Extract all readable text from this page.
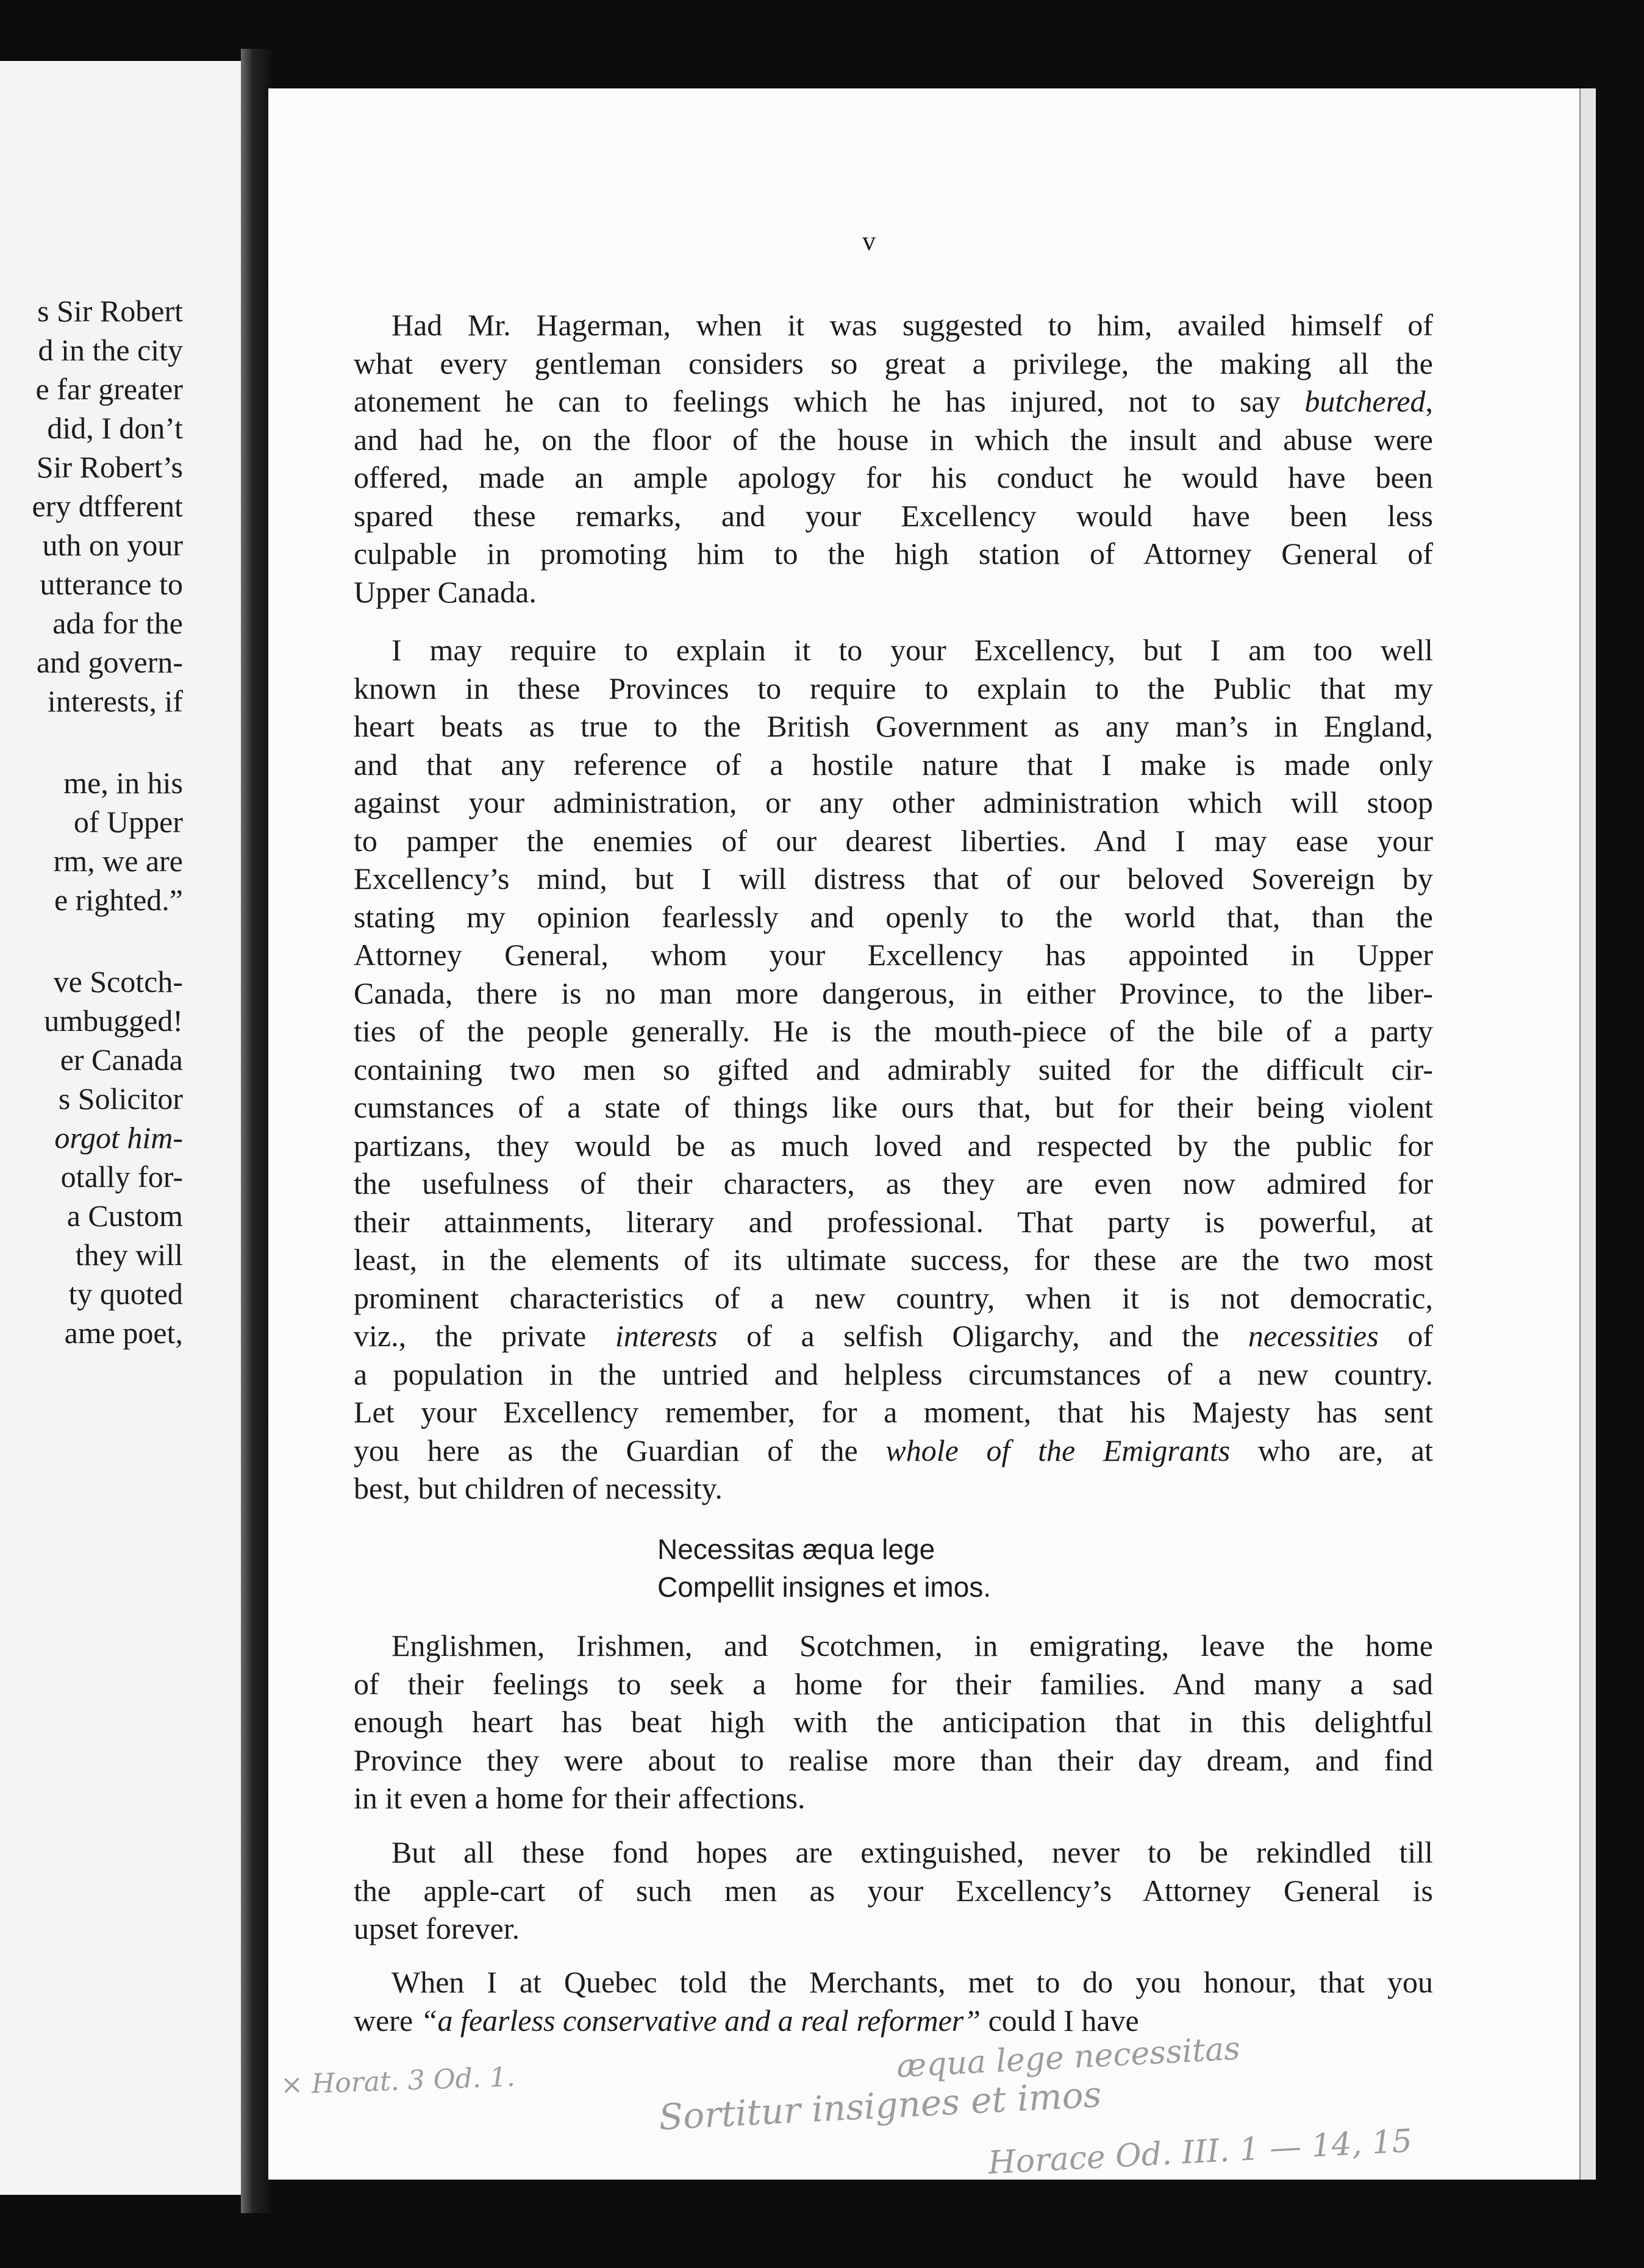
s Sir Robert
d in the city
e far greater
did, I don’t
Sir Robert’s
ery dtfferent
uth on your
utterance to
ada for the
and govern-
interests, if
me, in his
of Upper
rm, we are
e righted.”
ve Scotch-
umbugged!
er Canada
s Solicitor
orgot him-
otally for-
a Custom
they will
ty quoted
ame poet,
v
Had Mr. Hagerman, when it was suggested to him, availed himself of
what every gentleman considers so great a privilege, the making all the
atonement he can to feelings which he has injured, not to say butchered,
and had he, on the floor of the house in which the insult and abuse were
offered, made an ample apology for his conduct he would have been
spared these remarks, and your Excellency would have been less
culpable in promoting him to the high station of Attorney General of
Upper Canada.
I may require to explain it to your Excellency, but I am too well
known in these Provinces to require to explain to the Public that my
heart beats as true to the British Government as any man’s in England,
and that any reference of a hostile nature that I make is made only
against your administration, or any other administration which will stoop
to pamper the enemies of our dearest liberties. And I may ease your
Excellency’s mind, but I will distress that of our beloved Sovereign by
stating my opinion fearlessly and openly to the world that, than the
Attorney General, whom your Excellency has appointed in Upper
Canada, there is no man more dangerous, in either Province, to the liber-
ties of the people generally. He is the mouth-piece of the bile of a party
containing two men so gifted and admirably suited for the difficult cir-
cumstances of a state of things like ours that, but for their being violent
partizans, they would be as much loved and respected by the public for
the usefulness of their characters, as they are even now admired for
their attainments, literary and professional. That party is powerful, at
least, in the elements of its ultimate success, for these are the two most
prominent characteristics of a new country, when it is not democratic,
viz., the private interests of a selfish Oligarchy, and the necessities of
a population in the untried and helpless circumstances of a new country.
Let your Excellency remember, for a moment, that his Majesty has sent
you here as the Guardian of the whole of the Emigrants who are, at
best, but children of necessity.
Necessitas æqua lege
Compellit insignes et imos.
Englishmen, Irishmen, and Scotchmen, in emigrating, leave the home
of their feelings to seek a home for their families. And many a sad
enough heart has beat high with the anticipation that in this delightful
Province they were about to realise more than their day dream, and find
in it even a home for their affections.
But all these fond hopes are extinguished, never to be rekindled till
the apple-cart of such men as your Excellency’s Attorney General is
upset forever.
When I at Quebec told the Merchants, met to do you honour, that you
were “a fearless conservative and a real reformer” could I have
× Horat. 3 Od. 1.	æqua lege necessitas
Sortitur insignes et imos
Horace Od. III. 1 — 14, 15
